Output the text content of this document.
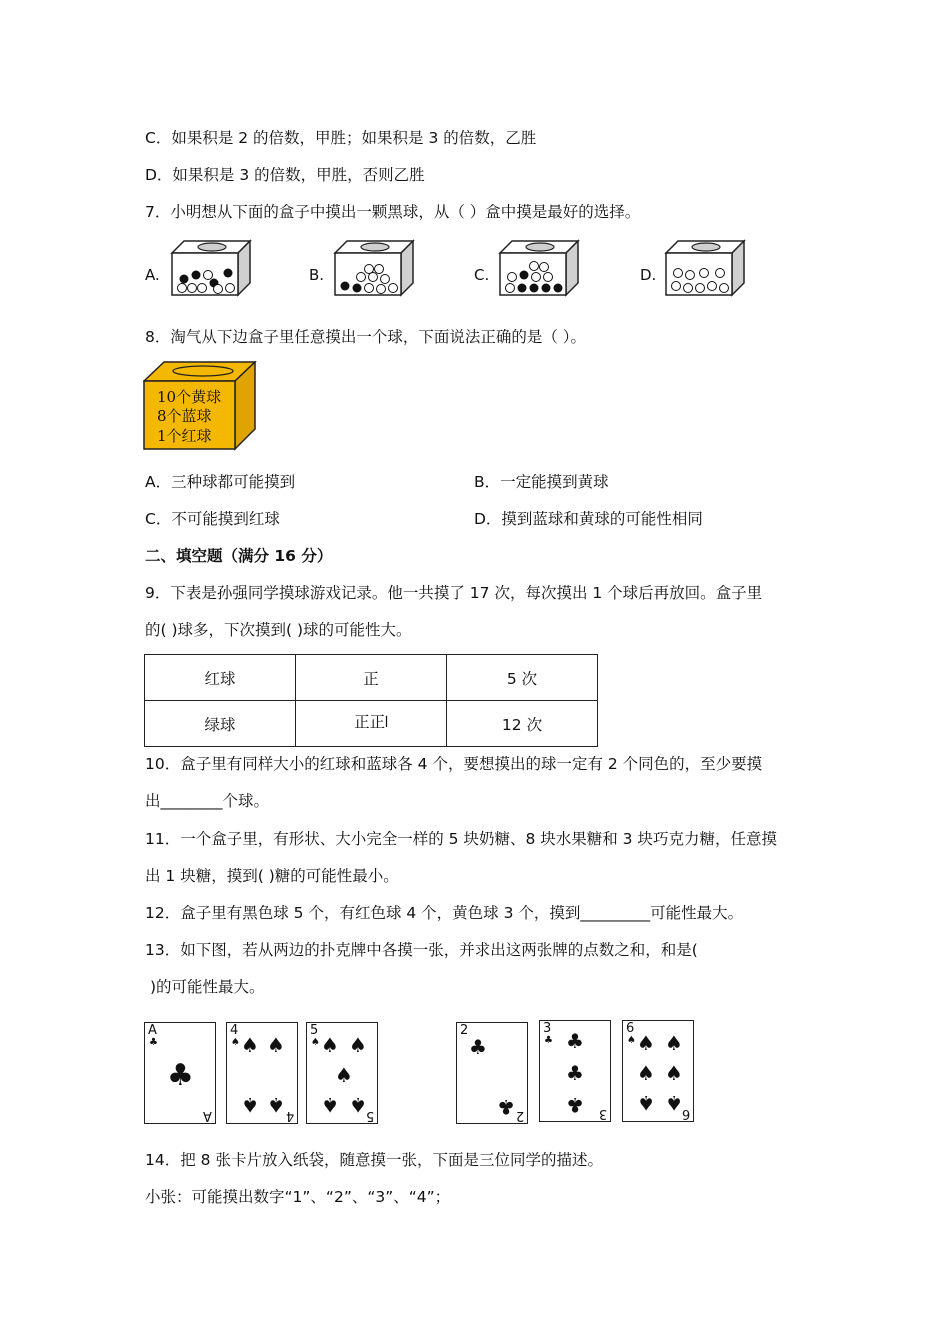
C．如果积是 2 的倍数，甲胜；如果积是 3 的倍数，乙胜
D．如果积是 3 的倍数，甲胜，否则乙胜
7．小明想从下面的盒子中摸出一颗黑球，从（ ）盒中摸是最好的选择。
A.	B.	C.	D.
8．淘气从下边盒子里任意摸出一个球，下面说法正确的是（ ）。
10个黄球
8个蓝球
1个红球
A．三种球都可能摸到	B．一定能摸到黄球
C．不可能摸到红球	D．摸到蓝球和黄球的可能性相同
二、填空题（满分 16 分）
9．下表是孙强同学摸球游戏记录。他一共摸了 17 次，每次摸出 1 个球后再放回。盒子里
的( )球多，下次摸到( )球的可能性大。
红球	正	5 次
绿球	正正𝍩	12 次
10．盒子里有同样大小的红球和蓝球各 4 个，要想摸出的球一定有 2 个同色的，至少要摸
出________个球。
11．一个盒子里，有形状、大小完全一样的 5 块奶糖、8 块水果糖和 3 块巧克力糖，任意摸
出 1 块糖，摸到( )糖的可能性最小。
12．盒子里有黑色球 5 个，有红色球 4 个，黄色球 3 个，摸到_________可能性最大。
13．如下图，若从两边的扑克牌中各摸一张，并求出这两张牌的点数之和，和是(
)的可能性最大。
A
♣
♣
A
4
♠ ♠ ♠
♠ ♠ 4
5
♠ ♠ ♠
♠
♠ ♠
5
2
♣
♣ 2
3
♣ ♣
♣
♣ 3
6
♠ ♠ ♠
♠ ♠
♠ ♠
6
14．把 8 张卡片放入纸袋，随意摸一张，下面是三位同学的描述。
小张：可能摸出数字“1”、“2”、“3”、“4”；
